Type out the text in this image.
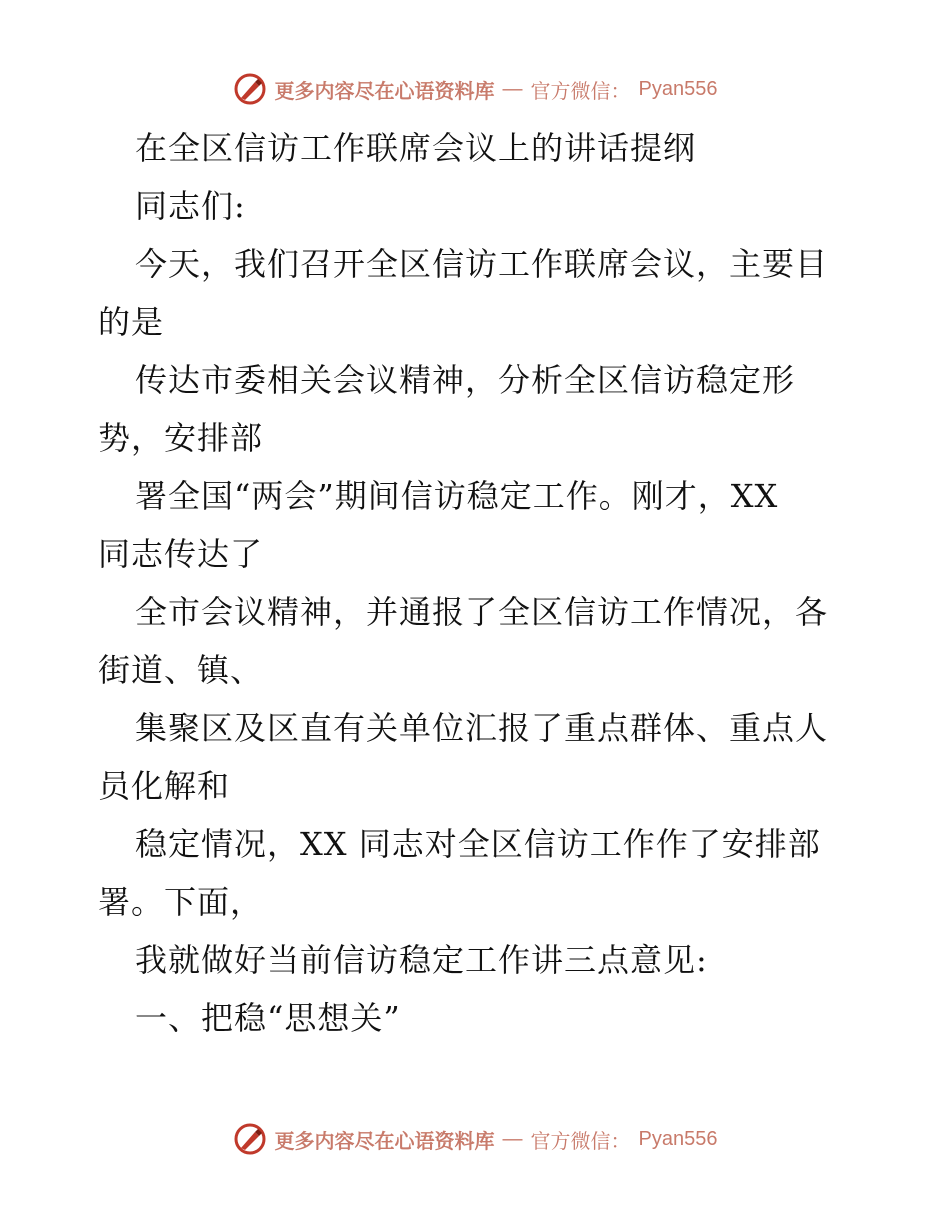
更多内容尽在心语资料库 — 官方微信： Pyan556
在全区信访工作联席会议上的讲话提纲
同志们:
今天，我们召开全区信访工作联席会议，主要目
的是
传达市委相关会议精神，分析全区信访稳定形
势，安排部
署全国“两会”期间信访稳定工作。刚才，XX
同志传达了
全市会议精神，并通报了全区信访工作情况，各
街道、镇、
集聚区及区直有关单位汇报了重点群体、重点人
员化解和
稳定情况，XX 同志对全区信访工作作了安排部
署。下面，
我就做好当前信访稳定工作讲三点意见:
一、把稳“思想关”
更多内容尽在心语资料库 — 官方微信： Pyan556
